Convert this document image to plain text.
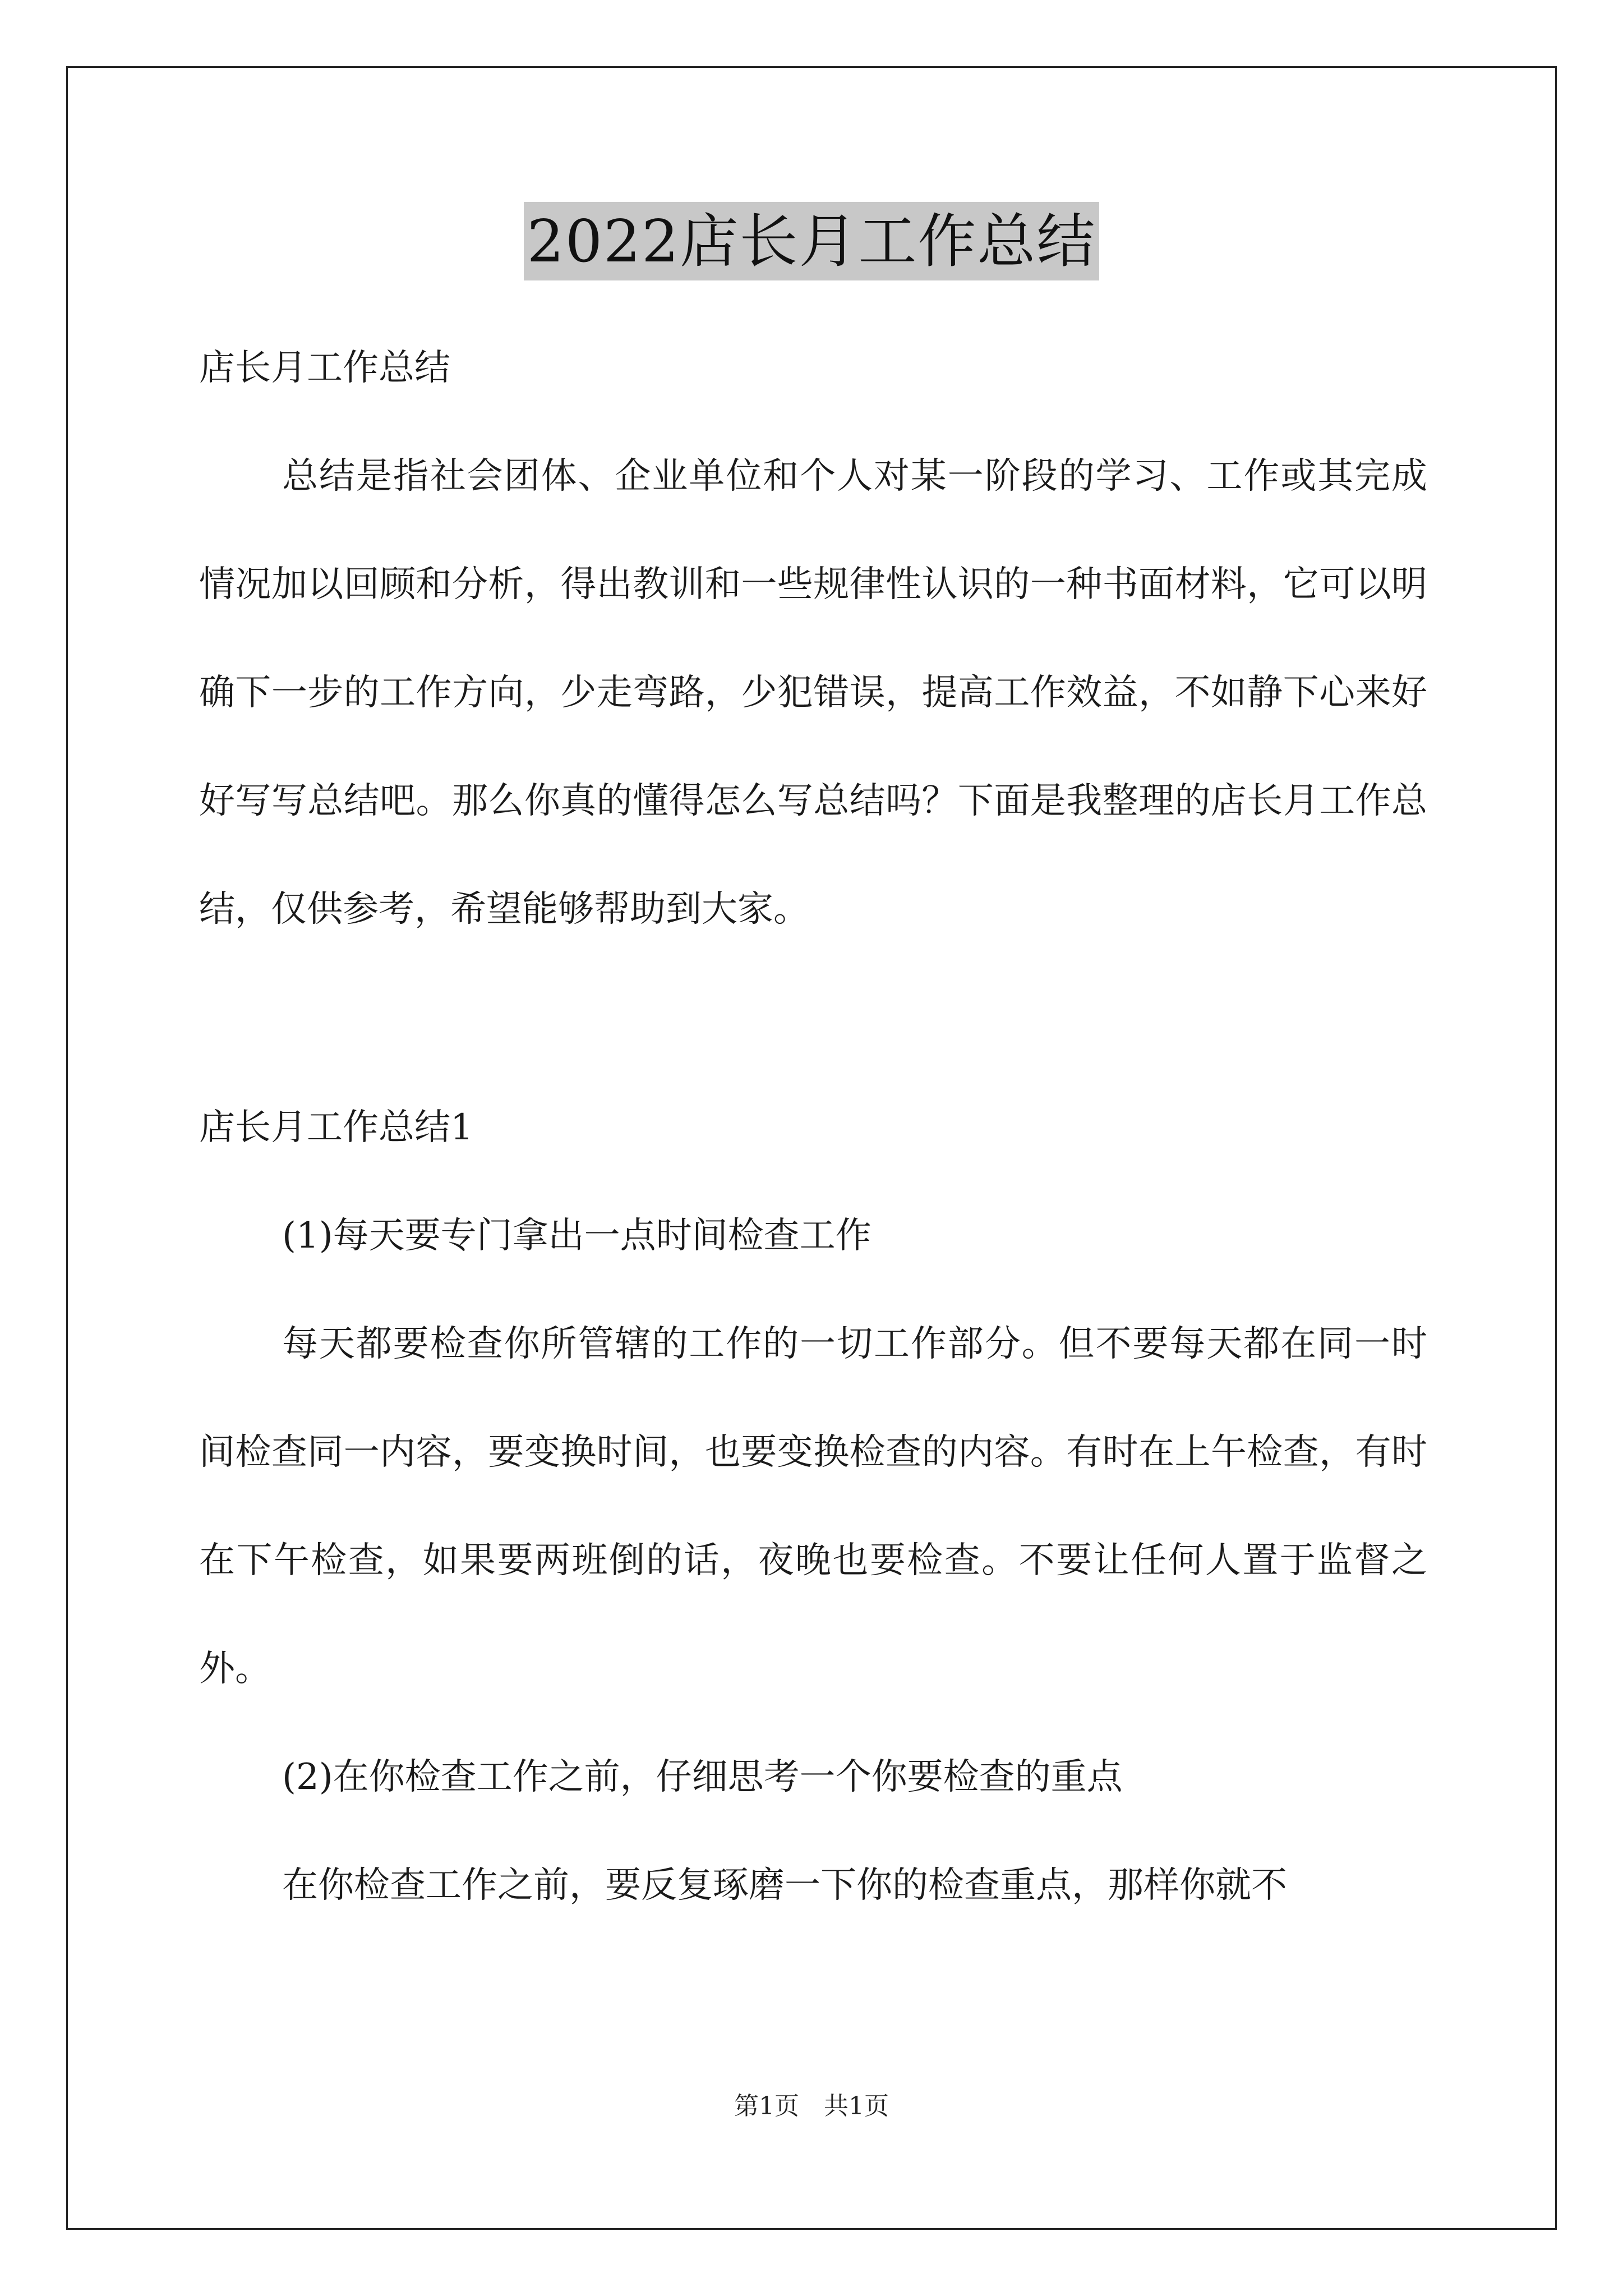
2022店长月工作总结

店长月工作总结

总结是指社会团体、企业单位和个人对某一阶段的学习、工作或其完成情况加以回顾和分析，得出教训和一些规律性认识的一种书面材料，它可以明确下一步的工作方向，少走弯路，少犯错误，提高工作效益，不如静下心来好好写写总结吧。那么你真的懂得怎么写总结吗？下面是我整理的店长月工作总结，仅供参考，希望能够帮助到大家。

店长月工作总结1

(1)每天要专门拿出一点时间检查工作

每天都要检查你所管辖的工作的一切工作部分。但不要每天都在同一时间检查同一内容，要变换时间，也要变换检查的内容。有时在上午检查，有时在下午检查，如果要两班倒的话，夜晚也要检查。不要让任何人置于监督之外。

(2)在你检查工作之前，仔细思考一个你要检查的重点

在你检查工作之前，要反复琢磨一下你的检查重点，那样你就不

第1页　共1页
